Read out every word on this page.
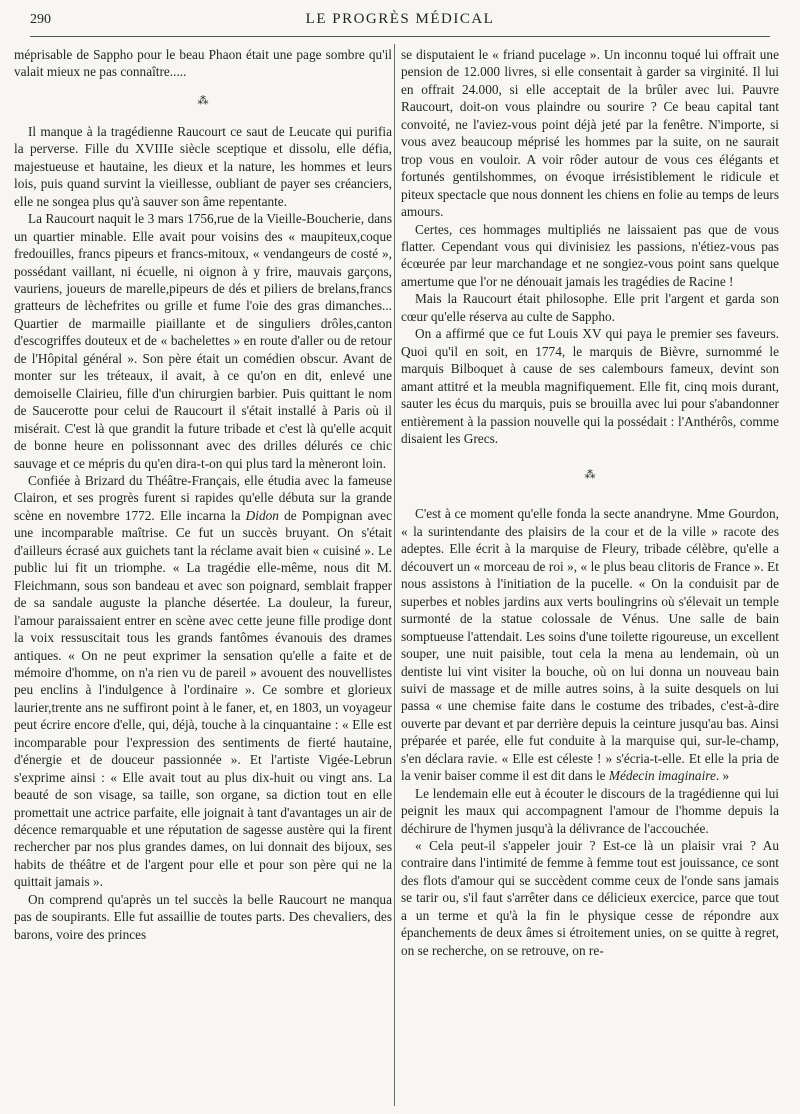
290	LE PROGRÈS MÉDICAL

méprisable de Sappho pour le beau Phaon était une page sombre qu'il valait mieux ne pas connaître.....

⁂

Il manque à la tragédienne Raucourt ce saut de Leucate qui purifia la perverse. Fille du XVIIIe siècle sceptique et dissolu, elle défia, majestueuse et hautaine, les dieux et la nature, les hommes et leurs lois, puis quand survint la vieillesse, oubliant de payer ses créanciers, elle ne songea plus qu'à sauver son âme repentante.

La Raucourt naquit le 3 mars 1756,rue de la Vieille-Boucherie, dans un quartier minable. Elle avait pour voisins des « maupiteux,coque fredouilles, francs pipeurs et francs-mitoux, « vendangeurs de costé », possédant vaillant, ni écuelle, ni oignon à y frire, mauvais garçons, vauriens, joueurs de marelle,pipeurs de dés et piliers de brelans,francs gratteurs de lèchefrites ou grille et fume l'oie des gras dimanches... Quartier de marmaille piaillante et de singuliers drôles,canton d'escogriffes douteux et de « bachelettes » en route d'aller ou de retour de l'Hôpital général ». Son père était un comédien obscur. Avant de monter sur les tréteaux, il avait, à ce qu'on en dit, enlevé une demoiselle Clairieu, fille d'un chirurgien barbier. Puis quittant le nom de Saucerotte pour celui de Raucourt il s'était installé à Paris où il misérait. C'est là que grandit la future tribade et c'est là qu'elle acquit de bonne heure en polissonnant avec des drilles délurés ce chic sauvage et ce mépris du qu'en dira-t-on qui plus tard la mèneront loin.

Confiée à Brizard du Théâtre-Français, elle étudia avec la fameuse Clairon, et ses progrès furent si rapides qu'elle débuta sur la grande scène en novembre 1772. Elle incarna la Didon de Pompignan avec une incomparable maîtrise. Ce fut un succès bruyant. On s'était d'ailleurs écrasé aux guichets tant la réclame avait bien « cuisiné ». Le public lui fit un triomphe. « La tragédie elle-même, nous dit M. Fleichmann, sous son bandeau et avec son poignard, semblait frapper de sa sandale auguste la planche désertée. La douleur, la fureur, l'amour paraissaient entrer en scène avec cette jeune fille prodige dont la voix ressuscitait tous les grands fantômes évanouis des drames antiques. « On ne peut exprimer la sensation qu'elle a faite et de mémoire d'homme, on n'a rien vu de pareil » avouent des nouvellistes peu enclins à l'indulgence à l'ordinaire ». Ce sombre et glorieux laurier,trente ans ne suffiront point à le faner, et, en 1803, un voyageur peut écrire encore d'elle, qui, déjà, touche à la cinquantaine : « Elle est incomparable pour l'expression des sentiments de fierté hautaine, d'énergie et de douceur passionnée ». Et l'artiste Vigée-Lebrun s'exprime ainsi : « Elle avait tout au plus dix-huit ou vingt ans. La beauté de son visage, sa taille, son organe, sa diction tout en elle promettait une actrice parfaite, elle joignait à tant d'avantages un air de décence remarquable et une réputation de sagesse austère qui la firent rechercher par nos plus grandes dames, on lui donnait des bijoux, ses habits de théâtre et de l'argent pour elle et pour son père qui ne la quittait jamais ».

On comprend qu'après un tel succès la belle Raucourt ne manqua pas de soupirants. Elle fut assaillie de toutes parts. Des chevaliers, des barons, voire des princes

se disputaient le « friand pucelage ». Un inconnu toqué lui offrait une pension de 12.000 livres, si elle consentait à garder sa virginité. Il lui en offrait 24.000, si elle acceptait de la brûler avec lui. Pauvre Raucourt, doit-on vous plaindre ou sourire ? Ce beau capital tant convoité, ne l'aviez-vous point déjà jeté par la fenêtre. N'importe, si vous avez beaucoup méprisé les hommes par la suite, on ne saurait trop vous en vouloir. A voir rôder autour de vous ces élégants et fortunés gentilshommes, on évoque irrésistiblement le ridicule et piteux spectacle que nous donnent les chiens en folie au temps de leurs amours.

Certes, ces hommages multipliés ne laissaient pas que de vous flatter. Cependant vous qui divinisiez les passions, n'étiez-vous pas écœurée par leur marchandage et ne songiez-vous point sans quelque amertume que l'or ne dénouait jamais les tragédies de Racine !

Mais la Raucourt était philosophe. Elle prit l'argent et garda son cœur qu'elle réserva au culte de Sappho.

On a affirmé que ce fut Louis XV qui paya le premier ses faveurs. Quoi qu'il en soit, en 1774, le marquis de Bièvre, surnommé le marquis Bilboquet à cause de ses calembours fameux, devint son amant attitré et la meubla magnifiquement. Elle fit, cinq mois durant, sauter les écus du marquis, puis se brouilla avec lui pour s'abandonner entièrement à la passion nouvelle qui la possédait : l'Anthérôs, comme disaient les Grecs.

⁂

C'est à ce moment qu'elle fonda la secte anandryne. Mme Gourdon, « la surintendante des plaisirs de la cour et de la ville » racote des adeptes. Elle écrit à la marquise de Fleury, tribade célèbre, qu'elle a découvert un « morceau de roi », « le plus beau clitoris de France ». Et nous assistons à l'initiation de la pucelle. « On la conduisit par de superbes et nobles jardins aux verts boulingrins où s'élevait un temple surmonté de la statue colossale de Vénus. Une salle de bain somptueuse l'attendait. Les soins d'une toilette rigoureuse, un excellent souper, une nuit paisible, tout cela la mena au lendemain, où un dentiste lui vint visiter la bouche, où on lui donna un nouveau bain suivi de massage et de mille autres soins, à la suite desquels on lui passa « une chemise faite dans le costume des tribades, c'est-à-dire ouverte par devant et par derrière depuis la ceinture jusqu'au bas. Ainsi préparée et parée, elle fut conduite à la marquise qui, sur-le-champ, s'en déclara ravie. « Elle est céleste ! » s'écria-t-elle. Et elle la pria de la venir baiser comme il est dit dans le Médecin imaginaire. »

Le lendemain elle eut à écouter le discours de la tragédienne qui lui peignit les maux qui accompagnent l'amour de l'homme depuis la déchirure de l'hymen jusqu'à la délivrance de l'accouchée.

« Cela peut-il s'appeler jouir ? Est-ce là un plaisir vrai ? Au contraire dans l'intimité de femme à femme tout est jouissance, ce sont des flots d'amour qui se succèdent comme ceux de l'onde sans jamais se tarir ou, s'il faut s'arrêter dans ce délicieux exercice, parce que tout a un terme et qu'à la fin le physique cesse de répondre aux épanchements de deux âmes si étroitement unies, on se quitte à regret, on se recherche, on se retrouve, on re-
